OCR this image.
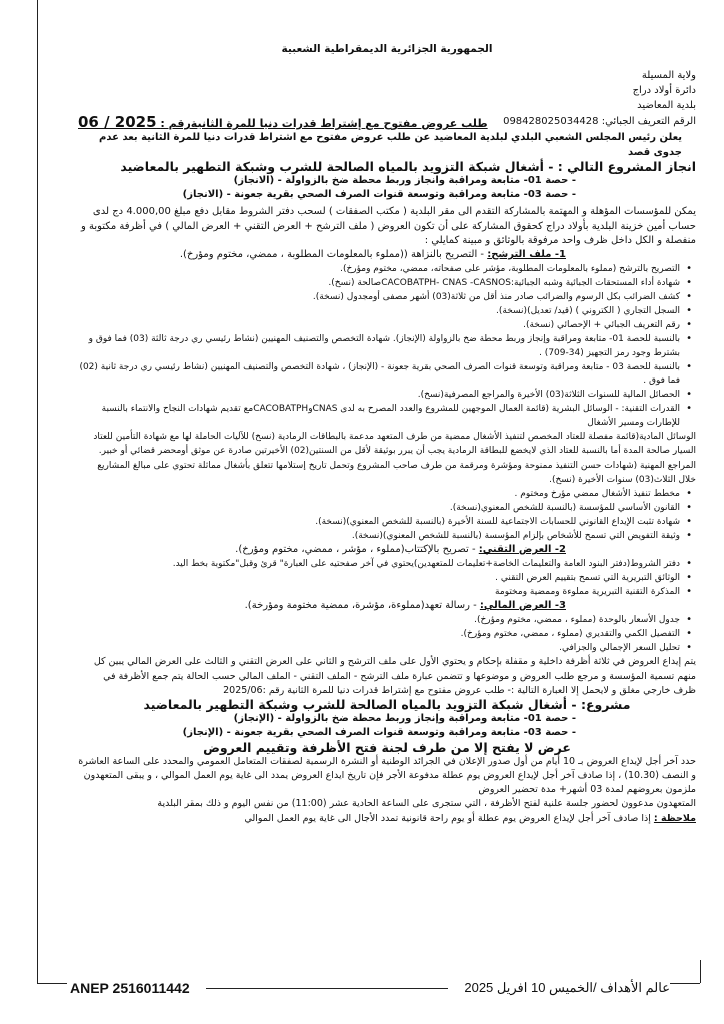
الجمهورية الجزائرية الديمقراطية الشعبية
ولاية المسيلة
دائرة أولاد دراج
بلدية المعاضيد
الرقم التعريف الجبائي: 098428025034428
طلب عروض مفتوح مع إشتراط قدرات دنيا للمرة الثانيةرقم : 06 / 2025
يعلن رئيس المجلس الشعبي البلدي لبلدية المعاضيد عن طلب عروض مفتوح مع اشتراط قدرات دنيا للمرة الثانية بعد عدم جدوى قصد
انجاز المشروع التالي : - أشغال شبكة التزويد بالمياه الصالحة للشرب وشبكة التطهير بالمعاضيد
- حصة 01- متابعة ومراقبة وانجاز وربط محطة ضخ بالزواولة - (الانجاز)
- حصة 03- متابعة ومراقبة وتوسعة قنوات الصرف الصحي بقرية جعونة - (الانجاز)
يمكن للمؤسسات المؤهلة و المهتمة بالمشاركة التقدم الى مقر البلدية ( مكتب الصفقات ) لسحب دفتر الشروط مقابل دفع مبلغ 4.000,00 دج لدى حساب أمين خزينة البلدية بأولاد دراج كحقوق المشاركة على أن تكون العروض ( ملف الترشح + العرض التقني + العرض المالي ) في أظرفة مكتوبة و منفصلة و الكل داخل ظرف واحد مرفوقة بالوثائق و مبينة كمايلي :
1- ملف الترشح: - التصريح بالنزاهة ((مملوء بالمعلومات المطلوبة ، ممضي، مختوم ومؤرخ).
• التصريح بالترشح (مملوء بالمعلومات المطلوبة، مؤشر على صفحاته، ممضي، مختوم ومؤرخ).
• شهادة أداء المستحقات الجبائية وشبه الجبائية:CACOBATPH- CNAS -CASNOSصالحة (نسخ).
• كشف الضرائب بكل الرسوم والضرائب صادر منذ أقل من ثلاثة(03) أشهر مصفى أومجدول (نسخة).
• السجل التجاري ( الكتروني ) (قيد/ تعديل)(نسخة).
• رقم التعريف الجبائي + الإحصائي (نسخة).
• بالنسبة للحصة 01- متابعة ومراقبة وإنجاز وربط محطة ضخ بالزواولة (الإنجاز). شهادة التخصص والتصنيف المهنيين (نشاط رئيسي ري درجة ثالثة (03) فما فوق و بشترط وجود رمز التجهيز (34-709) .
• بالنسبة للحصة 03 - متابعة ومراقبة وتوسعة قنوات الصرف الصحي بقرية جعونة - (الإنجاز) ، شهادة التخصص والتصنيف المهنيين (نشاط رئيسي ري درجة ثانية (02) فما فوق .
• الحصائل المالية للسنوات الثلاثة(03) الأخيرة والمراجع المصرفية(نسخ).
• القدرات التقنية: - الوسائل البشرية (قائمة العمال الموجهين للمشروع والعدد المصرح به لدى CNASوCACOBATPHمع تقديم شهادات النجاح والانتماء بالنسبة للإطارات ومسير الأشغال
الوسائل المادية(قائمة مفصلة للعتاد المخصص لتنفيذ الأشغال ممضية من طرف المتعهد مدعمة بالبطاقات الرمادية (نسخ) للآليات الحاملة لها مع شهادة التأمين للعتاد السيار صالحة المدة أما بالنسبة للعتاد الذي لايخضع للبطاقة الرمادية يجب أن يبرر بوثيقة لأقل من السنتين(02) الأخيرتين صادرة عن موثق أومحضر قضائي أو خبير.
المراجع المهنية (شهادات حسن التنفيذ ممنوحة ومؤشرة ومرقمة من طرف صاحب المشروع وتحمل تاريخ إستلامها تتعلق بأشغال مماثلة تحتوي على مبالغ المشاريع خلال الثلاث(03) سنوات الأخيرة (نسخ).
• مخطط تنفيذ الأشغال ممضي مؤرخ ومختوم .
• القانون الأساسي للمؤسسة (بالنسبة للشخص المعنوي(نسخة).
• شهادة تثبت الإيداع القانوني للحسابات الاجتماعية للسنة الأخيرة (بالنسبة للشخص المعنوي)(نسخة).
• وثيقة التفويض التي تسمح للأشخاص بإلزام المؤسسة (بالنسبة للشخص المعنوي)(نسخة).
2- العرض التقني: - تصريح بالإكتتاب(مملوء ، مؤشر ، ممضي، مختوم ومؤرخ).
• دفتر الشروط(دفتر البنود العامة والتعليمات الخاصة+تعليمات للمتعهدين)يحتوي في آخر صفحتيه على العبارة" قرئ وقبل"مكتوبة بخط اليد.
• الوثائق التبريرية التي تسمح بتقييم العرض التقني .
• المذكرة التقنية التبريرية مملوءة وممضية ومختومة
3- العرض المالي: - رسالة تعهد(مملوءة، مؤشرة، ممضية مختومة ومؤرخة).
• جدول الأسعار بالوحدة (مملوء ، ممضي، مختوم ومؤرخ).
• التفصيل الكمي والتقديري (مملوء ، ممضي، مختوم ومؤرخ).
• تحليل السعر الإجمالي والجزافي.
يتم إيداع العروض في ثلاثة أظرفة داخلية و مقفلة بإحكام و يحتوي الأول على ملف الترشح و الثاني على العرض التقني و الثالث على العرض المالي يبين كل منهم تسمية المؤسسة و مرجع طلب العروض و موضوعها و تتضمن عبارة ملف الترشح - الملف التقني - الملف المالي حسب الحالة يتم جمع الأظرفة في ظرف خارجي مغلق و لايحمل إلا العبارة التالية :- طلب عروض مفتوح مع إشتراط قدرات دنيا للمرة الثانية رقم :2025/06
مشروع: - أشغال شبكة التزويد بالمياه الصالحة للشرب وشبكة التطهير بالمعاضيد
- حصة 01- متابعة ومراقبة وإنجاز وربط محطة ضخ بالزواولة - (الإنجاز)
- حصة 03- متابعة ومراقبة وتوسعة قنوات الصرف الصحي بقرية جعونة - (الإنجاز)
عرض لا يفتح إلا من طرف لجنة فتح الأظرفة وتقييم العروض
حدد آخر أجل لإيداع العروض بـ 10 أيام من أول صدور الإعلان في الجرائد الوطنية أو النشرة الرسمية لصفقات المتعامل العمومي والمحدد على الساعة العاشرة و النصف (10.30) ، إذا صادف آخر أجل لإيداع العروض يوم عطلة مدفوعة الأجر فإن تاريخ ايداع العروض يمدد الى غاية يوم العمل الموالي ، و يبقى المتعهدون ملزمون بعروضهم لمدة 03 أشهر+ مدة تحضير العروض
المتعهدون مدعوون لحضور جلسة علنية لفتح الأظرفة ، التي ستجرى على الساعة الحادية عشر (11:00) من نفس اليوم و ذلك بمقر البلدية
ملاحظة : إذا صادف آخر أجل لإيداع العروض يوم عطلة أو يوم راحة قانونية تمدد الأجال الى غاية يوم العمل الموالي
ANEP 2516011442	عالم الأهداف /الخميس 10 افريل 2025
